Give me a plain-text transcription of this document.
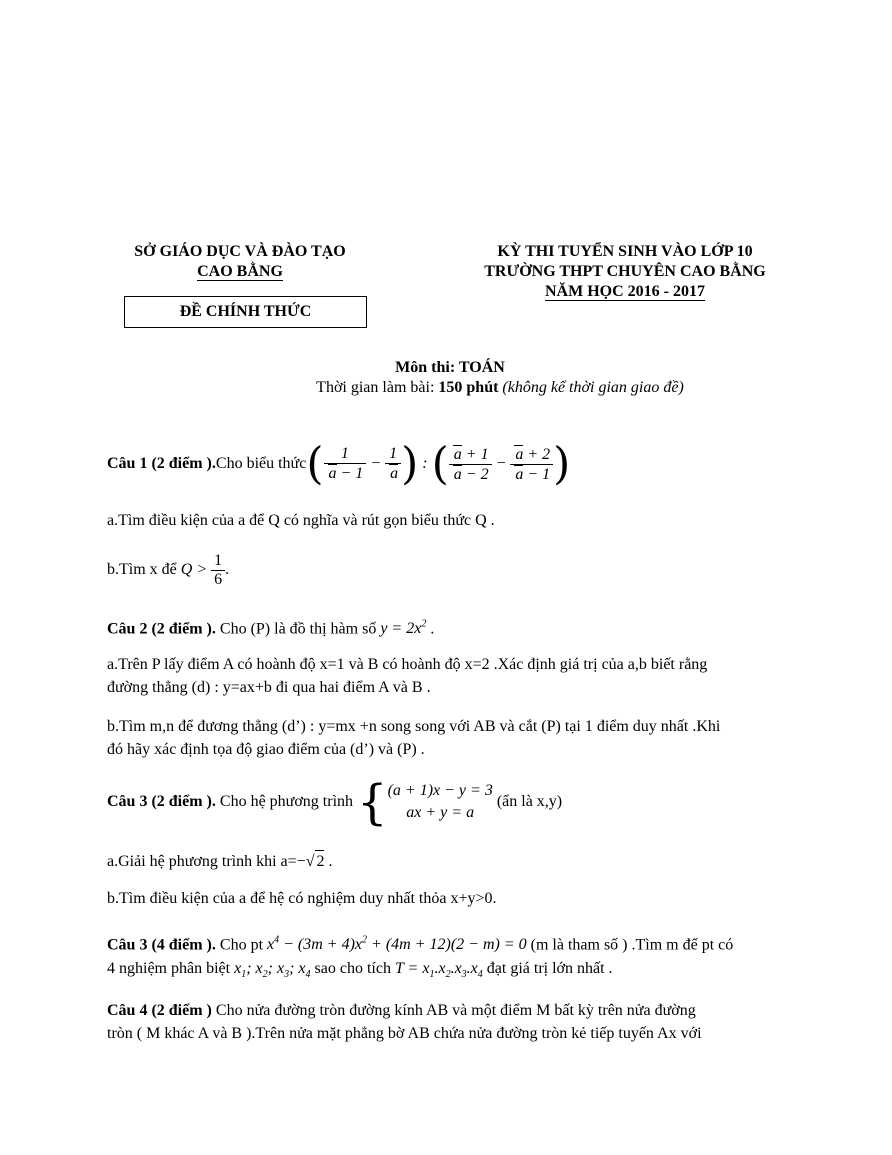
SỞ GIÁO DỤC VÀ ĐÀO TẠO
CAO BẰNG
ĐỀ CHÍNH THỨC
KỲ THI TUYỂN SINH VÀO LỚP 10
TRƯỜNG THPT CHUYÊN CAO BẰNG
NĂM HỌC 2016 - 2017
Môn thi: TOÁN
Thời gian làm bài: 150 phút (không kể thời gian giao đề)
Câu 1 (2 điểm ).Cho biểu thức( $\frac{1}{a - 1} - \frac{1}{a}$ ) : ( $\frac{a + 1}{a - 2} - \frac{a + 2}{a - 1}$ )
a.Tìm điều kiện của a để Q có nghĩa và rút gọn biểu thức Q .
b.Tìm x để $Q > \frac{1}{6}$ .
Câu 2 (2 điểm ). Cho (P) là đồ thị hàm số $y = 2x^2$ .
a.Trên P lấy điểm A có hoành độ x=1 và B có hoành độ x=2 .Xác định giá trị của a,b biết rằng
đường thẳng (d) : y=ax+b đi qua hai điểm A và B .
b.Tìm m,n để đương thẳng (d’) : y=mx +n song song với AB và cắt (P) tại 1 điểm duy nhất .Khi
đó hãy xác định tọa độ giao điểm của (d’) và (P) .
Câu 3 (2 điểm ). Cho hệ phương trình { (a + 1)x − y = 3
ax + y = a
(ẩn là x,y)
a.Giải hệ phương trình khi a=−√ 2 .
b.Tìm điều kiện của a để hệ có nghiệm duy nhất thỏa x+y>0.
Câu 3 (4 điểm ). Cho pt $x^4 - (3m + 4)x^2 + (4m + 12)(2 - m) = 0$ (m là tham số ) .Tìm m để pt có
4 nghiệm phân biệt $x_1$; $x_2$; $x_3$; $x_4$ sao cho tích $T = x_1.x_2.x_3.x_4$ đạt giá trị lớn nhất .
Câu 4 (2 điểm ) Cho nửa đường tròn đường kính AB và một điểm M bất kỳ trên nửa đường
tròn ( M khác A và B ).Trên nửa mặt phẳng bờ AB chứa nửa đường tròn kẻ tiếp tuyến Ax với
